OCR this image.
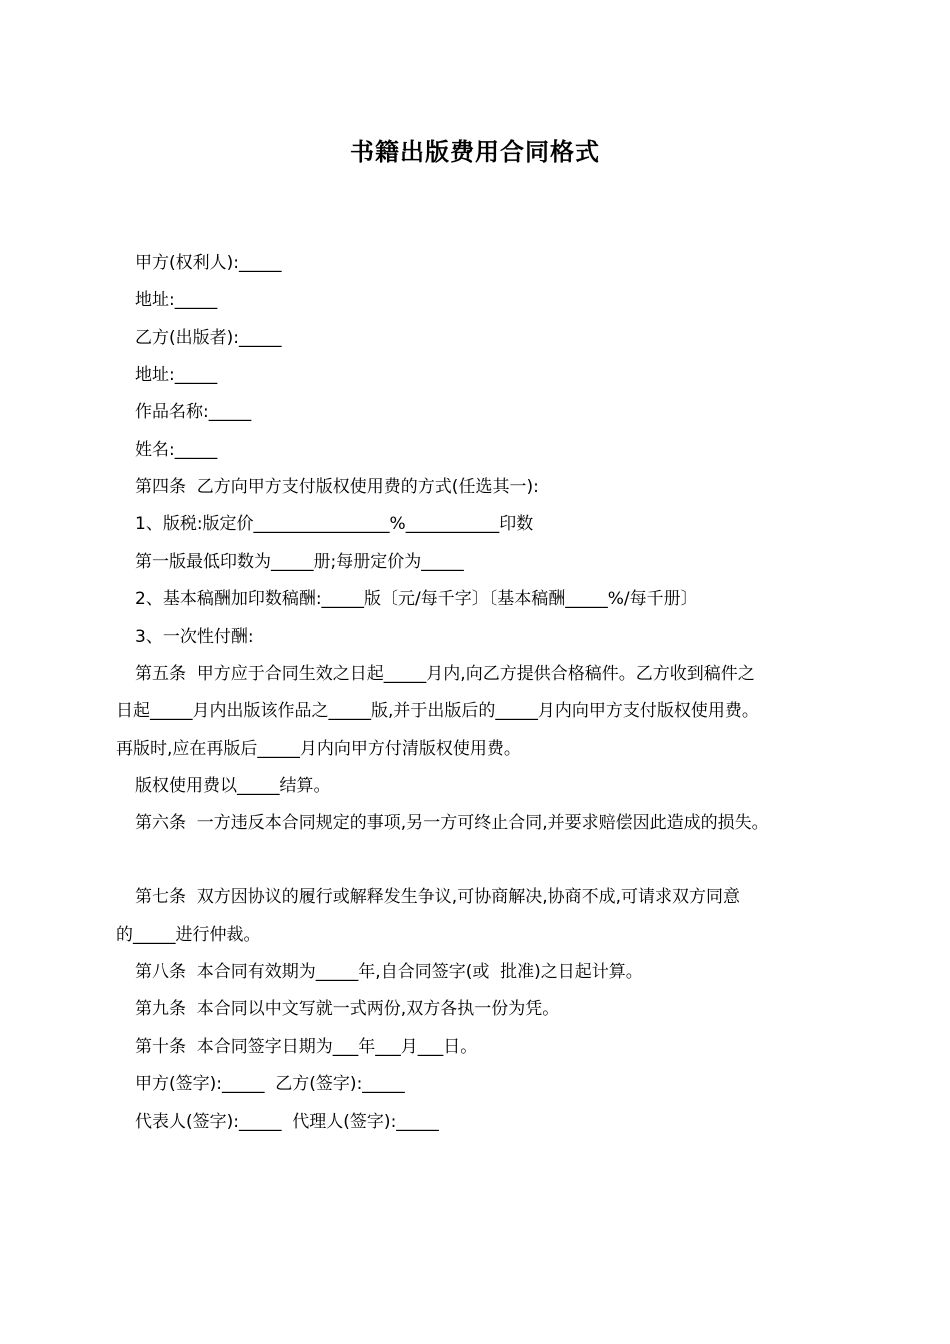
书籍出版费用合同格式
甲方(权利人):_____
地址:_____
乙方(出版者):_____
地址:_____
作品名称:_____
姓名:_____
第四条  乙方向甲方支付版权使用费的方式(任选其一):
1、版税:版定价________________%___________印数
第一版最低印数为_____册;每册定价为_____
2、基本稿酬加印数稿酬:_____版〔元/每千字〕〔基本稿酬_____%/每千册〕
3、一次性付酬:
第五条  甲方应于合同生效之日起_____月内,向乙方提供合格稿件。乙方收到稿件之
日起_____月内出版该作品之_____版,并于出版后的_____月内向甲方支付版权使用费。
再版时,应在再版后_____月内向甲方付清版权使用费。
版权使用费以_____结算。
第六条  一方违反本合同规定的事项,另一方可终止合同,并要求赔偿因此造成的损失。
第七条  双方因协议的履行或解释发生争议,可协商解决,协商不成,可请求双方同意
的_____进行仲裁。
第八条  本合同有效期为_____年,自合同签字(或  批准)之日起计算。
第九条  本合同以中文写就一式两份,双方各执一份为凭。
第十条  本合同签字日期为___年___月___日。
甲方(签字):_____  乙方(签字):_____
代表人(签字):_____  代理人(签字):_____
